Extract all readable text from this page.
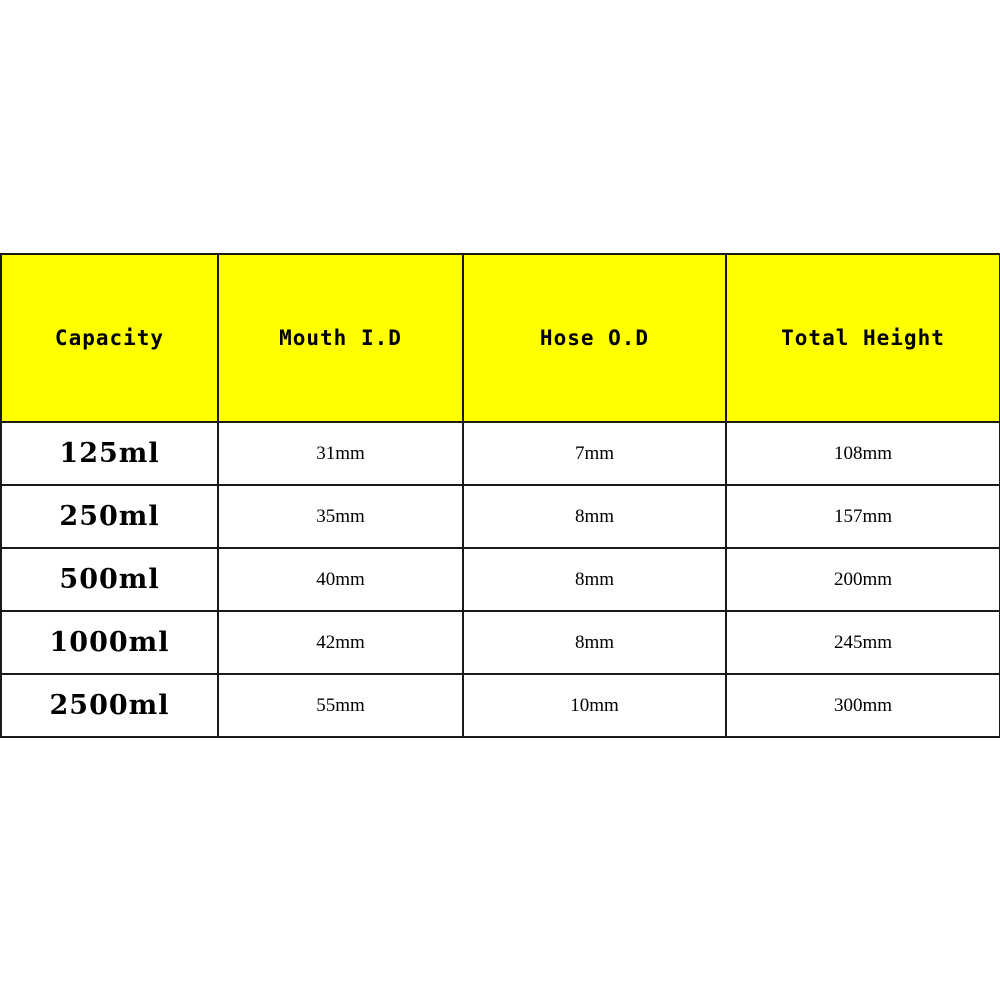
Capacity	Mouth I.D	Hose O.D	Total Height
125ml	31mm	7mm	108mm
250ml	35mm	8mm	157mm
500ml	40mm	8mm	200mm
1000ml	42mm	8mm	245mm
2500ml	55mm	10mm	300mm
